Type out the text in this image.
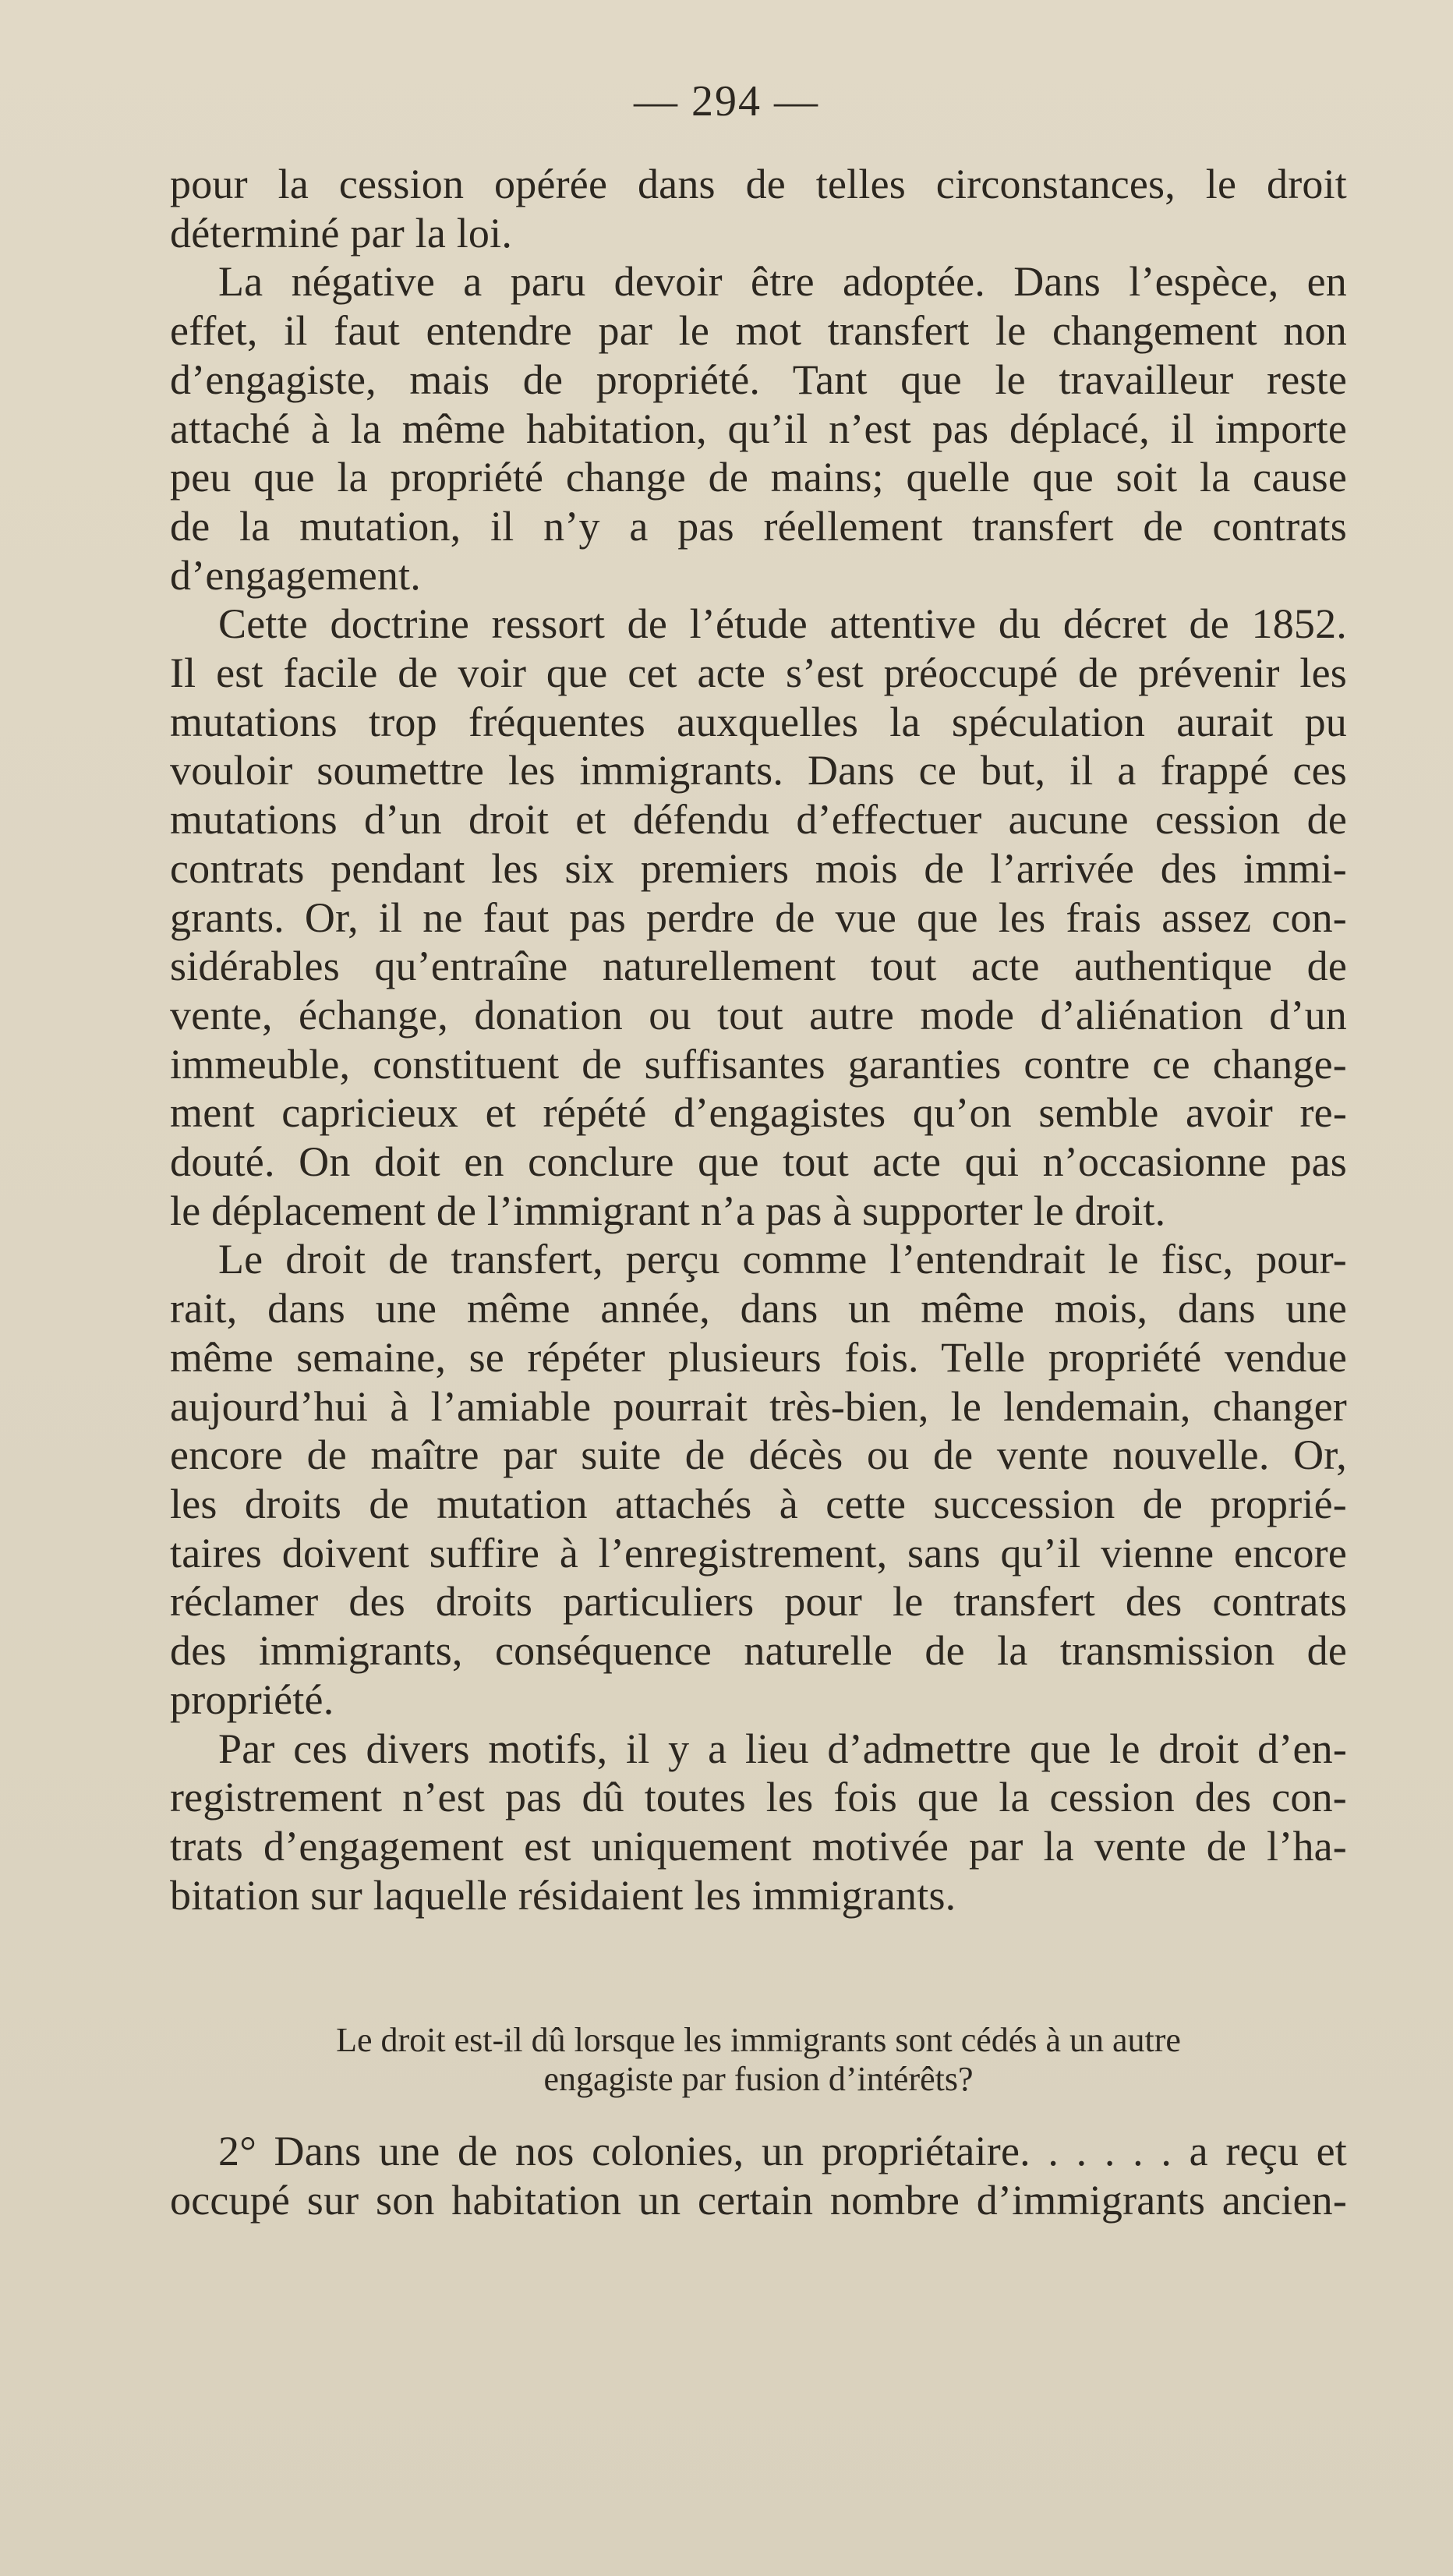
— 294 —
pour la cession opérée dans de telles circonstances, le droit
déterminé par la loi.
La négative a paru devoir être adoptée. Dans l’espèce, en
effet, il faut entendre par le mot transfert le changement non
d’engagiste, mais de propriété. Tant que le travailleur reste
attaché à la même habitation, qu’il n’est pas déplacé, il importe
peu que la propriété change de mains; quelle que soit la cause
de la mutation, il n’y a pas réellement transfert de contrats
d’engagement.
Cette doctrine ressort de l’étude attentive du décret de 1852.
Il est facile de voir que cet acte s’est préoccupé de prévenir les
mutations trop fréquentes auxquelles la spéculation aurait pu
vouloir soumettre les immigrants. Dans ce but, il a frappé ces
mutations d’un droit et défendu d’effectuer aucune cession de
contrats pendant les six premiers mois de l’arrivée des immi-
grants. Or, il ne faut pas perdre de vue que les frais assez con-
sidérables qu’entraîne naturellement tout acte authentique de
vente, échange, donation ou tout autre mode d’aliénation d’un
immeuble, constituent de suffisantes garanties contre ce change-
ment capricieux et répété d’engagistes qu’on semble avoir re-
douté. On doit en conclure que tout acte qui n’occasionne pas
le déplacement de l’immigrant n’a pas à supporter le droit.
Le droit de transfert, perçu comme l’entendrait le fisc, pour-
rait, dans une même année, dans un même mois, dans une
même semaine, se répéter plusieurs fois. Telle propriété vendue
aujourd’hui à l’amiable pourrait très-bien, le lendemain, changer
encore de maître par suite de décès ou de vente nouvelle. Or,
les droits de mutation attachés à cette succession de proprié-
taires doivent suffire à l’enregistrement, sans qu’il vienne encore
réclamer des droits particuliers pour le transfert des contrats
des immigrants, conséquence naturelle de la transmission de
propriété.
Par ces divers motifs, il y a lieu d’admettre que le droit d’en-
registrement n’est pas dû toutes les fois que la cession des con-
trats d’engagement est uniquement motivée par la vente de l’ha-
bitation sur laquelle résidaient les immigrants.
Le droit est-il dû lorsque les immigrants sont cédés à un autre
engagiste par fusion d’intérêts?
2° Dans une de nos colonies, un propriétaire. . . . . . a reçu et
occupé sur son habitation un certain nombre d’immigrants ancien-
